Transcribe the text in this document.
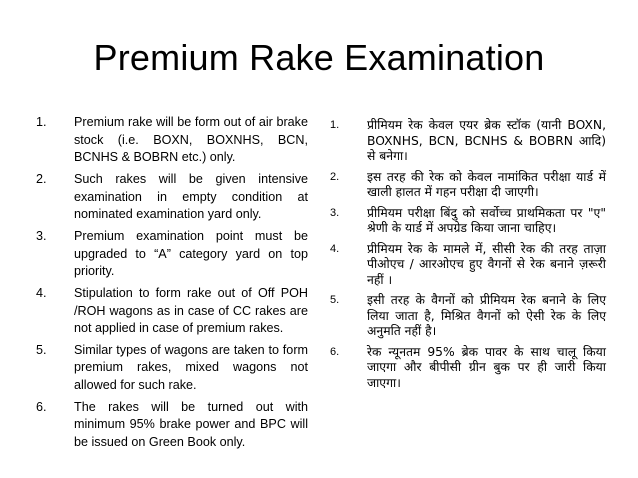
Premium Rake Examination
1.	Premium rake will be form out of air brake stock (i.e. BOXN, BOXNHS, BCN, BCNHS & BOBRN etc.) only.
2.	Such rakes will be given intensive examination in empty condition at nominated examination yard only.
3.	Premium examination point must be upgraded to “A” category yard on top priority.
4.	Stipulation to form rake out of Off POH /ROH wagons as in case of CC rakes are not applied in case of premium rakes.
5.	Similar types of wagons are taken to form premium rakes, mixed wagons not allowed for such rake.
6.	The rakes will be turned out with minimum 95% brake power and BPC will be issued on Green Book only.
1.	प्रीमियम रेक केवल एयर ब्रेक स्टॉक (यानी BOXN, BOXNHS, BCN, BCNHS & BOBRN आदि) से बनेगा।
2.	इस तरह की रेक को केवल नामांकित परीक्षा यार्ड में खाली हालत में गहन परीक्षा दी जाएगी।
3.	प्रीमियम परीक्षा बिंदु को सर्वोच्च प्राथमिकता पर "ए" श्रेणी के यार्ड में अपग्रेड किया जाना चाहिए।
4.	प्रीमियम रेक के मामले में, सीसी रेक की तरह ताज़ा पीओएच / आरओएच हुए वैगनों से रेक बनाने ज़रूरी नहीं ।
5.	इसी तरह के वैगनों को प्रीमियम रेक बनाने के लिए लिया जाता है, मिश्रित वैगनों को ऐसी रेक के लिए अनुमति नहीं है।
6.	रेक न्यूनतम 95% ब्रेक पावर के साथ चालू किया जाएगा और बीपीसी ग्रीन बुक पर ही जारी किया जाएगा।
